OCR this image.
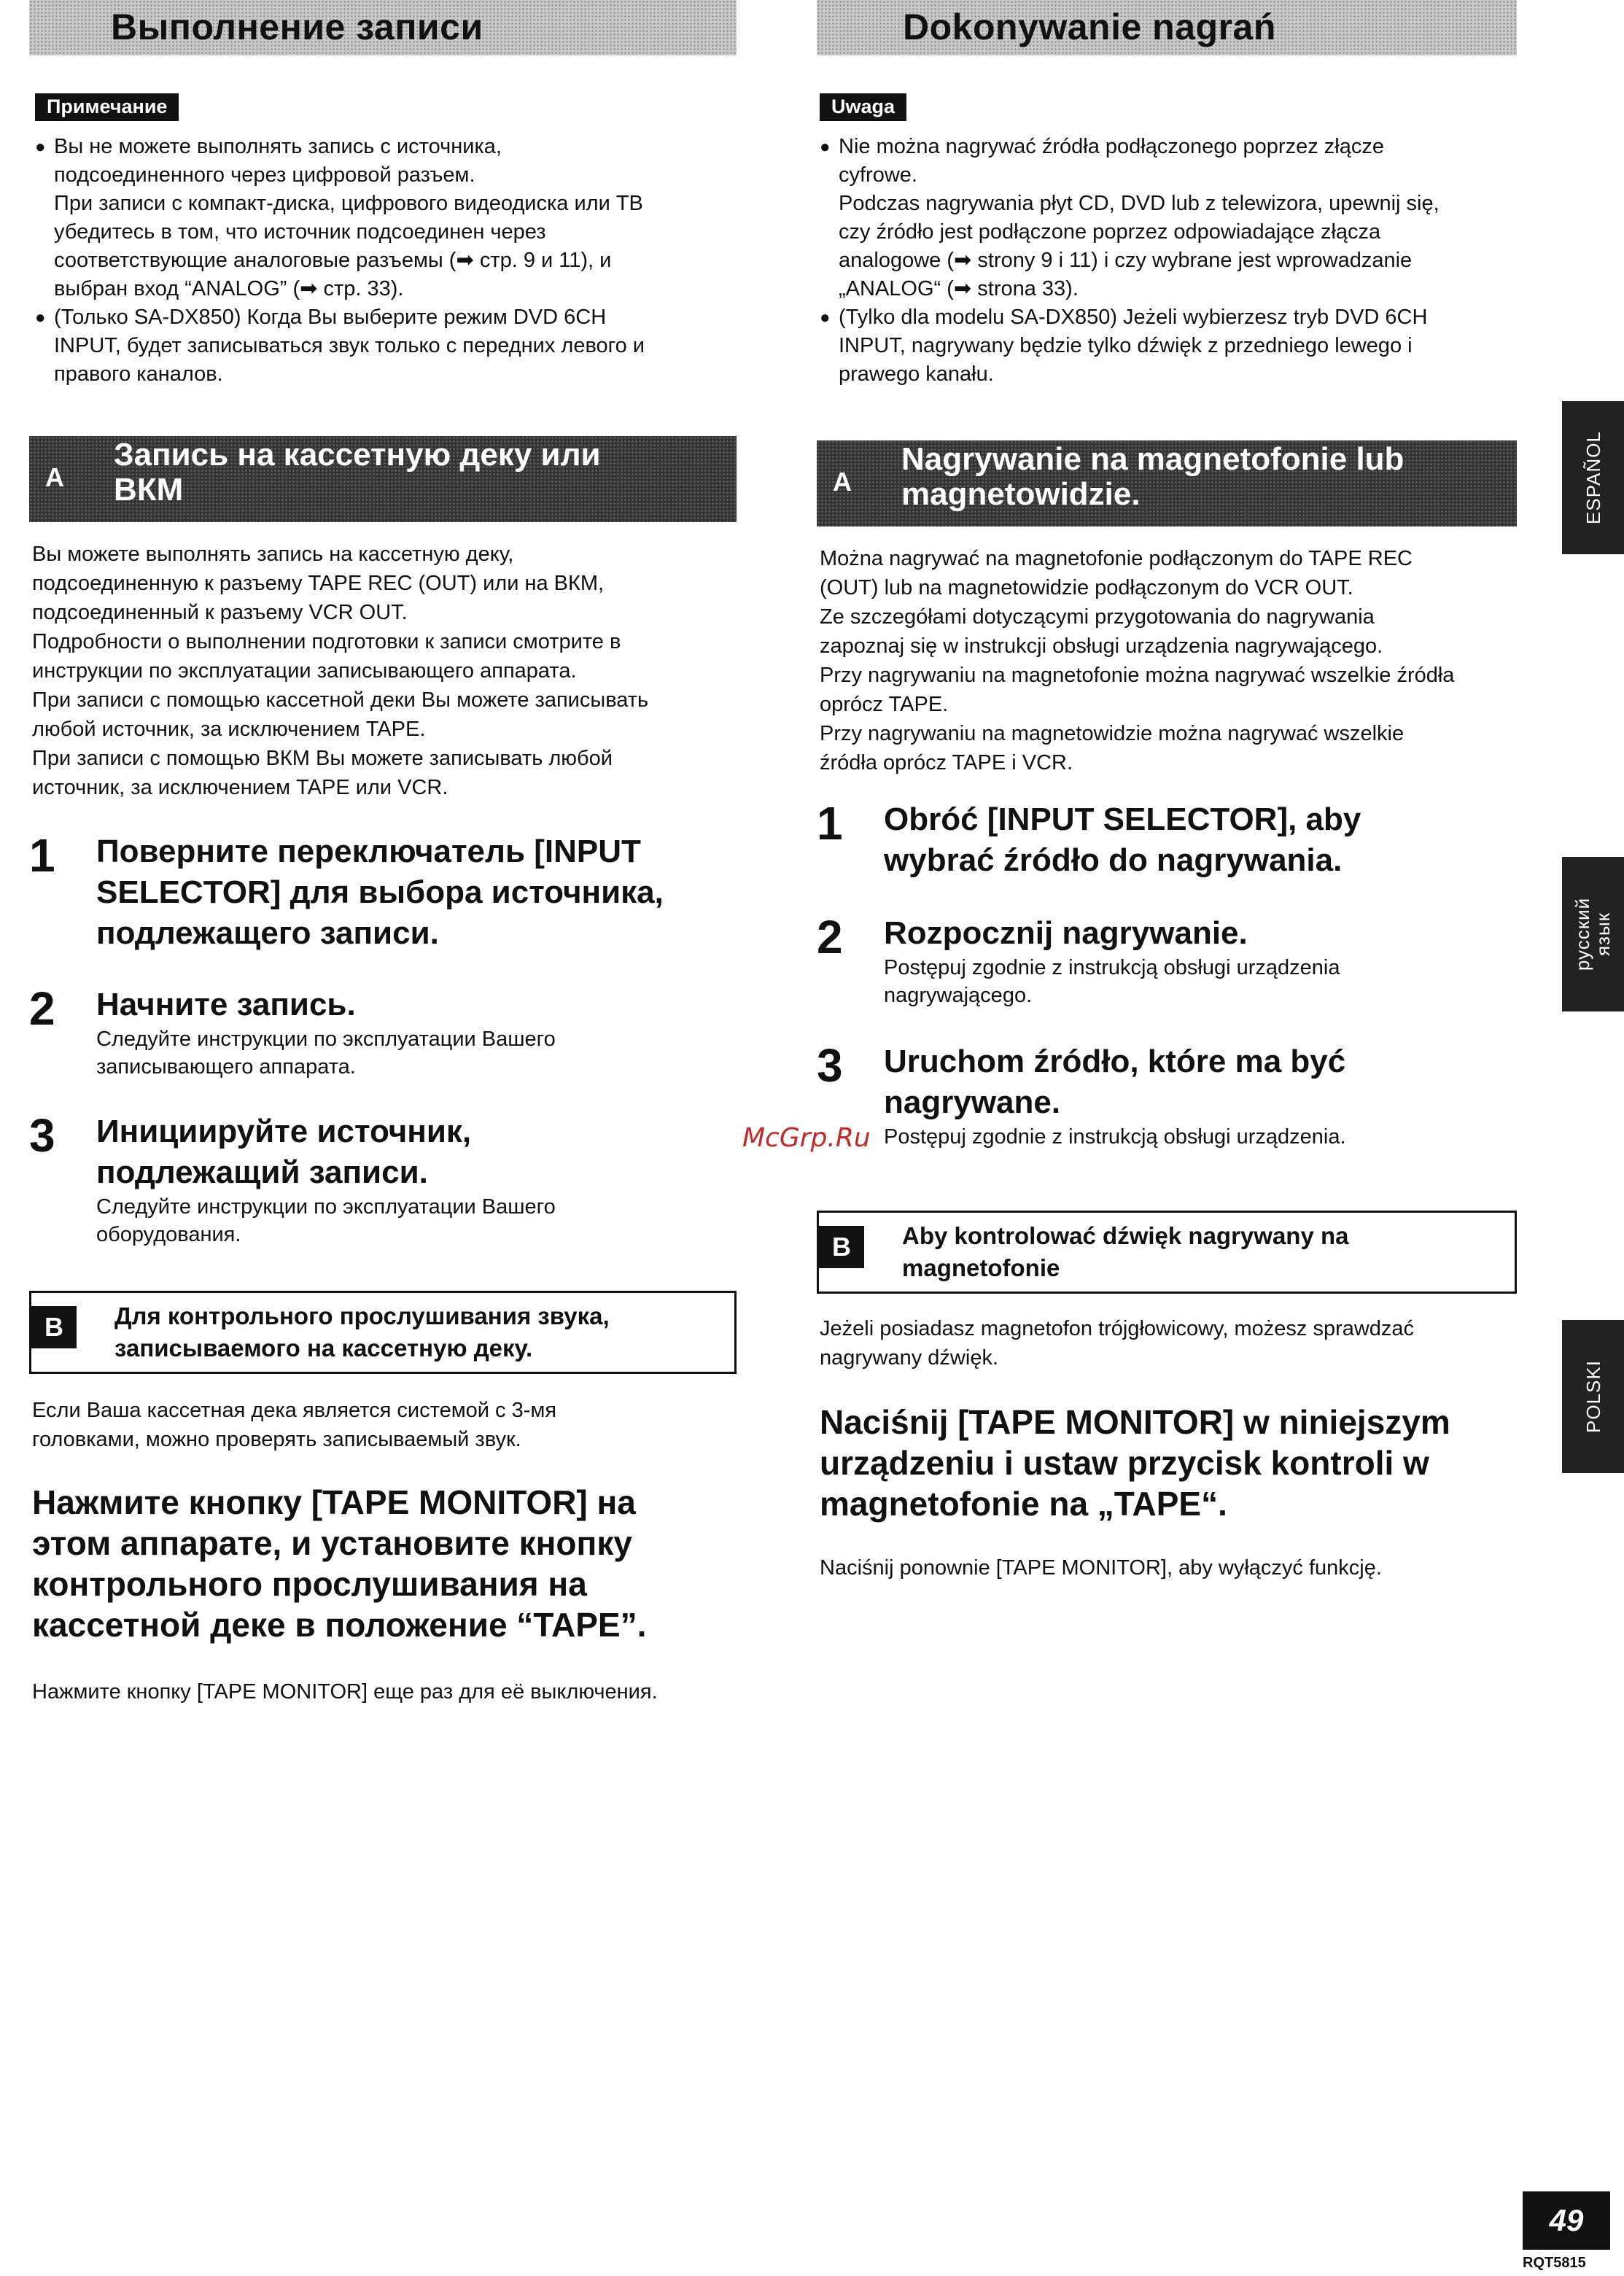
Выполнение записи
Примечание
● Вы не можете выполнять запись с источника,
подсоединенного через цифровой разъем.
При записи с компакт-диска, цифрового видеодиска или ТВ
убедитесь в том, что источник подсоединен через
соответствующие аналоговые разъемы (➡ стр. 9 и 11), и
выбран вход “ANALOG” (➡ стр. 33).
● (Только SA-DX850) Когда Вы выберите режим DVD 6CH
INPUT, будет записываться звук только с передних левого и
правого каналов.
A
Запись на кассетную деку или
ВКМ
Вы можете выполнять запись на кассетную деку,
подсоединенную к разъему TAPE REC (OUT) или на ВКМ,
подсоединенный к разъему VCR OUT.
Подробности о выполнении подготовки к записи смотрите в
инструкции по эксплуатации записывающего аппарата.
При записи с помощью кассетной деки Вы можете записывать
любой источник, за исключением TAPE.
При записи с помощью ВКМ Вы можете записывать любой
источник, за исключением TAPE или VCR.
1 Поверните переключатель [INPUT
SELECTOR] для выбора источника,
подлежащего записи.
2 Начните запись.
Следуйте инструкции по эксплуатации Вашего
записывающего аппарата.
3 Инициируйте источник,
подлежащий записи.
Следуйте инструкции по эксплуатации Вашего
оборудования.
B	Для контрольного прослушивания звука,
записываемого на кассетную деку.
Если Ваша кассетная дека является системой с 3-мя
головками, можно проверять записываемый звук.
Нажмите кнопку [TAPE MONITOR] на
этом аппарате, и установите кнопку
контрольного прослушивания на
кассетной деке в положение “TAPE”.
Нажмите кнопку [TAPE MONITOR] еще раз для её выключения.
Dokonywanie nagrań
Uwaga
● Nie można nagrywać źródła podłączonego poprzez złącze
cyfrowe.
Podczas nagrywania płyt CD, DVD lub z telewizora, upewnij się,
czy źródło jest podłączone poprzez odpowiadające złącza
analogowe (➡ strony 9 i 11) i czy wybrane jest wprowadzanie
„ANALOG“ (➡ strona 33).
● (Tylko dla modelu SA-DX850) Jeżeli wybierzesz tryb DVD 6CH
INPUT, nagrywany będzie tylko dźwięk z przedniego lewego i
prawego kanału.
A
Nagrywanie na magnetofonie lub
magnetowidzie.
Można nagrywać na magnetofonie podłączonym do TAPE REC
(OUT) lub na magnetowidzie podłączonym do VCR OUT.
Ze szczegółami dotyczącymi przygotowania do nagrywania
zapoznaj się w instrukcji obsługi urządzenia nagrywającego.
Przy nagrywaniu na magnetofonie można nagrywać wszelkie źródła
oprócz TAPE.
Przy nagrywaniu na magnetowidzie można nagrywać wszelkie
źródła oprócz TAPE i VCR.
1 Obróć [INPUT SELECTOR], aby
wybrać źródło do nagrywania.
2 Rozpocznij nagrywanie.
Postępuj zgodnie z instrukcją obsługi urządzenia
nagrywającego.
3 Uruchom źródło, które ma być
nagrywane.
Postępuj zgodnie z instrukcją obsługi urządzenia.
B	Aby kontrolować dźwięk nagrywany na
magnetofonie
Jeżeli posiadasz magnetofon trójgłowicowy, możesz sprawdzać
nagrywany dźwięk.
Naciśnij [TAPE MONITOR] w niniejszym
urządzeniu i ustaw przycisk kontroli w
magnetofonie na „TAPE“.
Naciśnij ponownie [TAPE MONITOR], aby wyłączyć funkcję.
ESPAÑOL
русский
язык
POLSKI
McGrp.Ru
49
RQT5815
